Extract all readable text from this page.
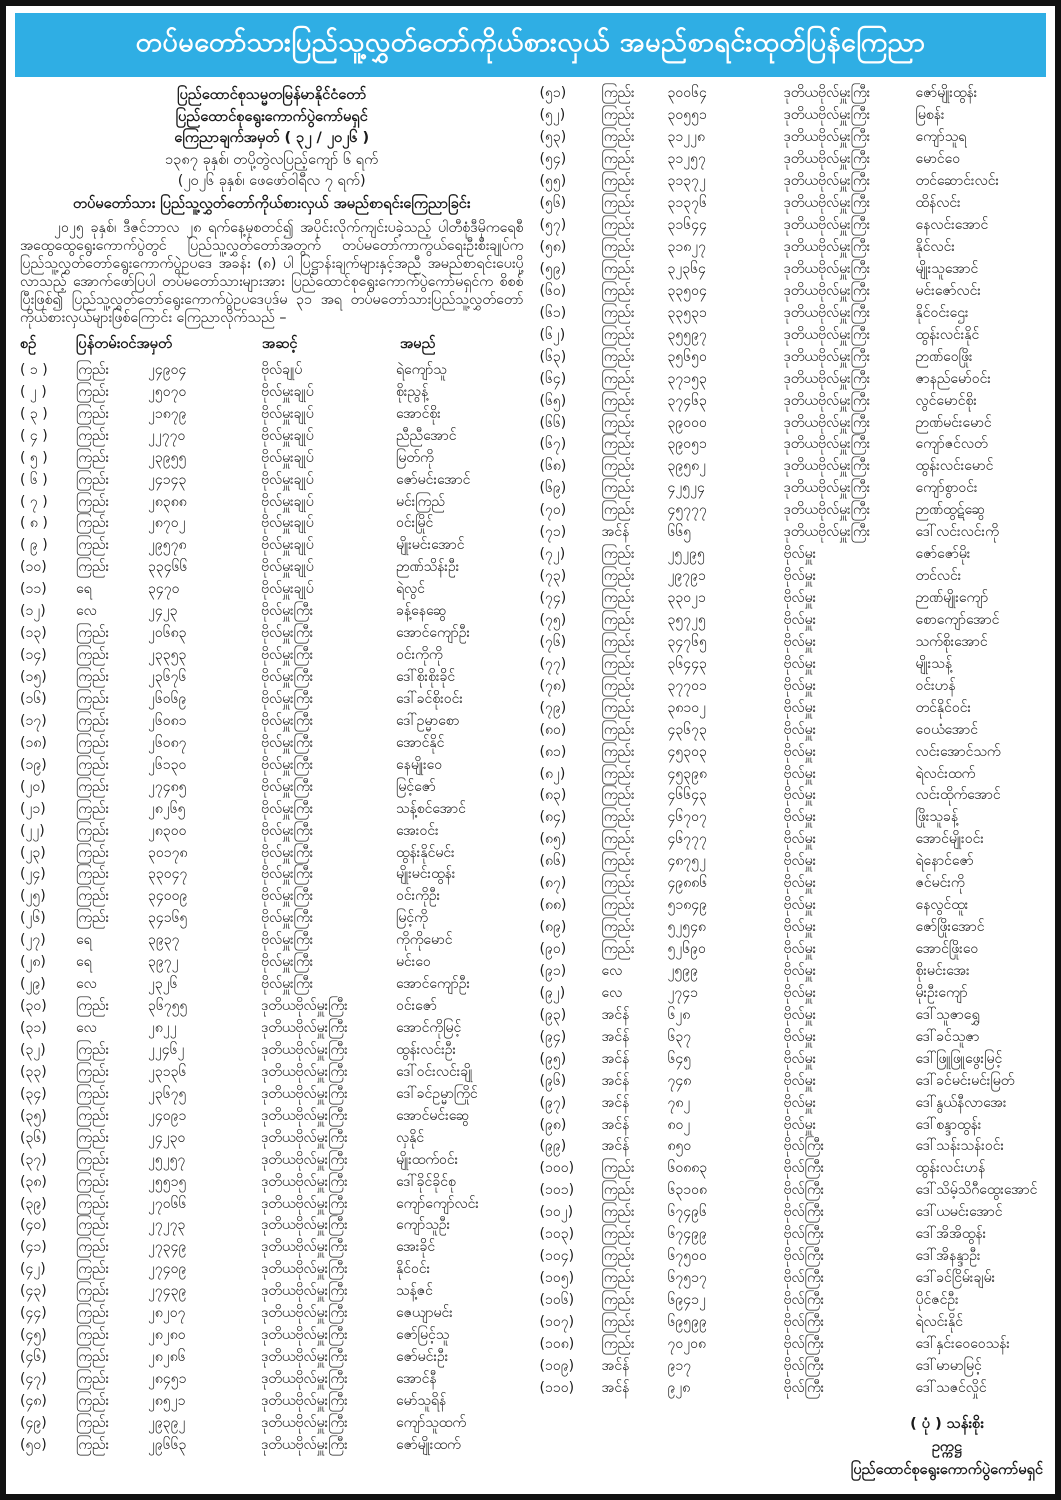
တပ်မတော်သားပြည်သူ့လွှတ်တော်ကိုယ်စားလှယ် အမည်စာရင်းထုတ်ပြန်ကြေညာ
ပြည်ထောင်စုသမ္မတမြန်မာနိုင်ငံတော်
ပြည်ထောင်စုရွေးကောက်ပွဲကော်မရှင်
ကြေညာချက်အမှတ် ( ၃၂ / ၂၀၂၆ )
၁၃၈၇ ခုနှစ်၊ တပို့တွဲလပြည့်ကျော် ၆ ရက်
(၂၀၂၆ ခုနှစ်၊ ဖေဖော်ဝါရီလ ၇ ရက်)
တပ်မတော်သား ပြည်သူ့လွှတ်တော်ကိုယ်စားလှယ် အမည်စာရင်းကြေညာခြင်း
၂၀၂၅ ခုနှစ်၊ ဒီဇင်ဘာလ ၂၈ ရက်နေ့မှစတင်၍ အပိုင်းလိုက်ကျင်းပခဲ့သည့် ပါတီစုံဒီမိုကရေစီ အထွေထွေရွေးကောက်ပွဲတွင် ပြည်သူ့လွှတ်တော်အတွက် တပ်မတော်ကာကွယ်ရေးဦးစီးချုပ်က ပြည်သူ့လွှတ်တော်ရွေးကောက်ပွဲဥပဒေ အခန်း (၈) ပါ ပြဋ္ဌာန်းချက်များနှင့်အညီ အမည်စာရင်းပေးပို့လာသည့် အောက်ဖော်ပြပါ တပ်မတော်သားများအား ပြည်ထောင်စုရွေးကောက်ပွဲကော်မရှင်က စိစစ်ပြီးဖြစ်၍ ပြည်သူ့လွှတ်တော်ရွေးကောက်ပွဲဥပဒေပုဒ်မ ၃၁ အရ တပ်မတော်သားပြည်သူ့လွှတ်တော်ကိုယ်စားလှယ်များဖြစ်ကြောင်း ကြေညာလိုက်သည် –
စဉ်	ပြန်တမ်းဝင်အမှတ်	အဆင့်	အမည်
( ၁ )	ကြည်း	၂၄၉၀၄	ဗိုလ်ချုပ်	ရဲကျော်သူ
( ၂ )	ကြည်း	၂၅၀၇၀	ဗိုလ်မှူးချုပ်	စိုးညွန့်
( ၃ )	ကြည်း	၂၁၈၇၉	ဗိုလ်မှူးချုပ်	အောင်စိုး
( ၄ )	ကြည်း	၂၂၇၇၀	ဗိုလ်မှူးချုပ်	ညီညီအောင်
( ၅ )	ကြည်း	၂၃၉၅၅	ဗိုလ်မှူးချုပ်	မြတ်ကို
( ၆ )	ကြည်း	၂၄၁၄၃	ဗိုလ်မှူးချုပ်	ဇော်မင်းအောင်
( ၇ )	ကြည်း	၂၈၃၈၈	ဗိုလ်မှူးချုပ်	မင်းကြည်
( ၈ )	ကြည်း	၂၈၇၀၂	ဗိုလ်မှူးချုပ်	ဝင်းမြိုင်
( ၉ )	ကြည်း	၂၉၅၇၈	ဗိုလ်မှူးချုပ်	မျိုးမင်းအောင်
(၁၀)	ကြည်း	၃၃၄၆၆	ဗိုလ်မှူးချုပ်	ဉာဏ်သိန်းဦး
(၁၁)	ရေ	၃၄၇၀	ဗိုလ်မှူးချုပ်	ရဲလွင်
(၁၂)	လေ	၂၄၂၃	ဗိုလ်မှူးကြီး	ခန့်နေဆွေ
(၁၃)	ကြည်း	၂၀၆၈၃	ဗိုလ်မှူးကြီး	အောင်ကျော်ဦး
(၁၄)	ကြည်း	၂၃၃၅၃	ဗိုလ်မှူးကြီး	ဝင်းကိုကို
(၁၅)	ကြည်း	၂၃၆၇၆	ဗိုလ်မှူးကြီး	ဒေါ်စိုးစိုးခိုင်
(၁၆)	ကြည်း	၂၆၀၆၉	ဗိုလ်မှူးကြီး	ဒေါ်ခင်စိုးဝင်း
(၁၇)	ကြည်း	၂၆၀၈၁	ဗိုလ်မှူးကြီး	ဒေါ်ဥမ္မာစော
(၁၈)	ကြည်း	၂၆၀၈၇	ဗိုလ်မှူးကြီး	အောင်နိုင်
(၁၉)	ကြည်း	၂၆၁၃၀	ဗိုလ်မှူးကြီး	နေမျိုးဝေ
(၂၀)	ကြည်း	၂၇၄၈၅	ဗိုလ်မှူးကြီး	မြင့်ဇော်
(၂၁)	ကြည်း	၂၈၂၆၅	ဗိုလ်မှူးကြီး	သန့်စင်အောင်
(၂၂)	ကြည်း	၂၈၃၀၀	ဗိုလ်မှူးကြီး	အေးဝင်း
(၂၃)	ကြည်း	၃၀၁၇၈	ဗိုလ်မှူးကြီး	ထွန်းနိုင်မင်း
(၂၄)	ကြည်း	၃၃၀၄၇	ဗိုလ်မှူးကြီး	မျိုးမင်းထွန်း
(၂၅)	ကြည်း	၃၄၀၀၉	ဗိုလ်မှူးကြီး	ဝင်းကိုဦး
(၂၆)	ကြည်း	၃၄၁၆၅	ဗိုလ်မှူးကြီး	မြင့်ကို
(၂၇)	ရေ	၃၉၃၇	ဗိုလ်မှူးကြီး	ကိုကိုမောင်
(၂၈)	ရေ	၃၉၇၂	ဗိုလ်မှူးကြီး	မင်းဝေ
(၂၉)	လေ	၂၃၂၆	ဗိုလ်မှူးကြီး	အောင်ကျော်ဦး
(၃၀)	ကြည်း	၃၆၇၅၅	ဒုတိယဗိုလ်မှူးကြီး	ဝင်းဇော်
(၃၁)	လေ	၂၈၂၂	ဒုတိယဗိုလ်မှူးကြီး	အောင်ကိုမြင့်
(၃၂)	ကြည်း	၂၂၄၆၂	ဒုတိယဗိုလ်မှူးကြီး	ထွန်းလင်းဦး
(၃၃)	ကြည်း	၂၃၁၃၆	ဒုတိယဗိုလ်မှူးကြီး	ဒေါ်ဝင်းလင်းချို
(၃၄)	ကြည်း	၂၃၆၇၅	ဒုတိယဗိုလ်မှူးကြီး	ဒေါ်ခင်ဥမ္မာကြိုင်
(၃၅)	ကြည်း	၂၄၀၉၁	ဒုတိယဗိုလ်မှူးကြီး	အောင်မင်းဆွေ
(၃၆)	ကြည်း	၂၄၂၃၀	ဒုတိယဗိုလ်မှူးကြီး	လှနိုင်
(၃၇)	ကြည်း	၂၅၂၅၇	ဒုတိယဗိုလ်မှူးကြီး	မျိုးထက်ဝင်း
(၃၈)	ကြည်း	၂၅၅၁၅	ဒုတိယဗိုလ်မှူးကြီး	ဒေါ်ခိုင်ခိုင်စု
(၃၉)	ကြည်း	၂၇၀၆၆	ဒုတိယဗိုလ်မှူးကြီး	ကျော်ကျော်လင်း
(၄၀)	ကြည်း	၂၇၂၇၃	ဒုတိယဗိုလ်မှူးကြီး	ကျော်သူဦး
(၄၁)	ကြည်း	၂၇၃၄၉	ဒုတိယဗိုလ်မှူးကြီး	အေးခိုင်
(၄၂)	ကြည်း	၂၇၄၀၉	ဒုတိယဗိုလ်မှူးကြီး	နိုင်ဝင်း
(၄၃)	ကြည်း	၂၇၄၃၉	ဒုတိယဗိုလ်မှူးကြီး	သန့်ဇင်
(၄၄)	ကြည်း	၂၈၂၀၇	ဒုတိယဗိုလ်မှူးကြီး	ဇေယျာမင်း
(၄၅)	ကြည်း	၂၈၂၈၀	ဒုတိယဗိုလ်မှူးကြီး	ဇော်မြင့်သူ
(၄၆)	ကြည်း	၂၈၂၈၆	ဒုတိယဗိုလ်မှူးကြီး	ဇော်မင်းဦး
(၄၇)	ကြည်း	၂၈၄၅၁	ဒုတိယဗိုလ်မှူးကြီး	အောင်နီ
(၄၈)	ကြည်း	၂၈၅၂၁	ဒုတိယဗိုလ်မှူးကြီး	မော်သူရိန်
(၄၉)	ကြည်း	၂၉၃၉၂	ဒုတိယဗိုလ်မှူးကြီး	ကျော်သူထက်
(၅၀)	ကြည်း	၂၉၆၆၃	ဒုတိယဗိုလ်မှူးကြီး	ဇော်မျိုးထက်
(၅၁)	ကြည်း	၃၀၀၆၄	ဒုတိယဗိုလ်မှူးကြီး	ဇော်မျိုးထွန်း
(၅၂)	ကြည်း	၃၀၅၅၁	ဒုတိယဗိုလ်မှူးကြီး	မြစန်း
(၅၃)	ကြည်း	၃၁၂၂၈	ဒုတိယဗိုလ်မှူးကြီး	ကျော်သူရ
(၅၄)	ကြည်း	၃၁၂၅၇	ဒုတိယဗိုလ်မှူးကြီး	မောင်ဝေ
(၅၅)	ကြည်း	၃၁၃၇၂	ဒုတိယဗိုလ်မှူးကြီး	တင်ဆောင်းလင်း
(၅၆)	ကြည်း	၃၁၃၇၆	ဒုတိယဗိုလ်မှူးကြီး	ထိန်လင်း
(၅၇)	ကြည်း	၃၁၆၄၄	ဒုတိယဗိုလ်မှူးကြီး	နေလင်းအောင်
(၅၈)	ကြည်း	၃၁၈၂၇	ဒုတိယဗိုလ်မှူးကြီး	နိုင်လင်း
(၅၉)	ကြည်း	၃၂၃၆၄	ဒုတိယဗိုလ်မှူးကြီး	မျိုးသူအောင်
(၆၀)	ကြည်း	၃၃၅၀၄	ဒုတိယဗိုလ်မှူးကြီး	မင်းဇော်လင်း
(၆၁)	ကြည်း	၃၃၅၃၁	ဒုတိယဗိုလ်မှူးကြီး	နိုင်ဝင်းဌေး
(၆၂)	ကြည်း	၃၅၅၉၇	ဒုတိယဗိုလ်မှူးကြီး	ထွန်းလင်းနိုင်
(၆၃)	ကြည်း	၃၅၆၅၀	ဒုတိယဗိုလ်မှူးကြီး	ဉာဏ်ဝေဖြိုး
(၆၄)	ကြည်း	၃၇၁၅၃	ဒုတိယဗိုလ်မှူးကြီး	ဇာနည်မော်ဝင်း
(၆၅)	ကြည်း	၃၇၄၆၃	ဒုတိယဗိုလ်မှူးကြီး	လွင်မောင်စိုး
(၆၆)	ကြည်း	၃၉၀၀၀	ဒုတိယဗိုလ်မှူးကြီး	ဉာဏ်မင်းမောင်
(၆၇)	ကြည်း	၃၉၀၅၁	ဒုတိယဗိုလ်မှူးကြီး	ကျော်ဇင်လတ်
(၆၈)	ကြည်း	၃၉၅၈၂	ဒုတိယဗိုလ်မှူးကြီး	ထွန်းလင်းမောင်
(၆၉)	ကြည်း	၄၂၅၂၄	ဒုတိယဗိုလ်မှူးကြီး	ကျော်စွာဝင်း
(၇၀)	ကြည်း	၄၅၇၇၇	ဒုတိယဗိုလ်မှူးကြီး	ဉာဏ်ထွဋ်ဆွေ
(၇၁)	အင်န်	၆၆၅	ဒုတိယဗိုလ်မှူးကြီး	ဒေါ်လင်းလင်းကို
(၇၂)	ကြည်း	၂၅၂၉၅	ဗိုလ်မှူး	ဇော်ဇော်မိုး
(၇၃)	ကြည်း	၂၉၇၉၁	ဗိုလ်မှူး	တင်လင်း
(၇၄)	ကြည်း	၃၃၀၂၁	ဗိုလ်မှူး	ဉာဏ်မျိုးကျော်
(၇၅)	ကြည်း	၃၅၇၂၅	ဗိုလ်မှူး	စောကျော်အောင်
(၇၆)	ကြည်း	၃၄၇၆၅	ဗိုလ်မှူး	သက်စိုးအောင်
(၇၇)	ကြည်း	၃၆၄၄၃	ဗိုလ်မှူး	မျိုးသန့်
(၇၈)	ကြည်း	၃၇၇၀၁	ဗိုလ်မှူး	ဝင်းဟန်
(၇၉)	ကြည်း	၃၈၁၀၂	ဗိုလ်မှူး	တင်နိုင်ဝင်း
(၈၀)	ကြည်း	၄၃၆၇၃	ဗိုလ်မှူး	ဝေယံအောင်
(၈၁)	ကြည်း	၄၅၃၀၃	ဗိုလ်မှူး	လင်းအောင်သက်
(၈၂)	ကြည်း	၄၅၃၉၈	ဗိုလ်မှူး	ရဲလင်းထက်
(၈၃)	ကြည်း	၄၆၆၄၃	ဗိုလ်မှူး	လင်းထိုက်အောင်
(၈၄)	ကြည်း	၄၆၇၀၇	ဗိုလ်မှူး	ဖြိုးသူခန့်
(၈၅)	ကြည်း	၄၆၇၇၇	ဗိုလ်မှူး	အောင်မျိုးဝင်း
(၈၆)	ကြည်း	၄၈၇၅၂	ဗိုလ်မှူး	ရဲနောင်ဇော်
(၈၇)	ကြည်း	၄၉၈၈၆	ဗိုလ်မှူး	ဇင်မင်းကို
(၈၈)	ကြည်း	၅၁၈၄၉	ဗိုလ်မှူး	နေလွင်ထူး
(၈၉)	ကြည်း	၅၂၅၄၈	ဗိုလ်မှူး	ဇော်ဖြိုးအောင်
(၉၀)	ကြည်း	၅၂၆၉၀	ဗိုလ်မှူး	အောင်ဖြိုးဝေ
(၉၁)	လေ	၂၅၉၉	ဗိုလ်မှူး	စိုးမင်းအေး
(၉၂)	လေ	၂၇၄၁	ဗိုလ်မှူး	မိုးဦးကျော်
(၉၃)	အင်န်	၆၂၈	ဗိုလ်မှူး	ဒေါ်သူဇာရွှေ
(၉၄)	အင်န်	၆၃၇	ဗိုလ်မှူး	ဒေါ်ခင်သူဇာ
(၉၅)	အင်န်	၆၄၅	ဗိုလ်မှူး	ဒေါ်ဖြူဖြူဖွေးမြင့်
(၉၆)	အင်န်	၇၄၈	ဗိုလ်မှူး	ဒေါ်ခင်မင်းမင်းမြတ်
(၉၇)	အင်န်	၇၈၂	ဗိုလ်မှူး	ဒေါ်နွယ်နီလာအေး
(၉၈)	အင်န်	၈၀၂	ဗိုလ်မှူး	ဒေါ်စန္ဒာထွန်း
(၉၉)	အင်န်	၈၅၀	ဗိုလ်ကြီး	ဒေါ်သန်းသန်းဝင်း
(၁၀၀)	ကြည်း	၆၀၈၈၃	ဗိုလ်ကြီး	ထွန်းလင်းဟန်
(၁၀၁)	ကြည်း	၆၃၁၀၈	ဗိုလ်ကြီး	ဒေါ်သိမ့်သိဂီထွေးအောင်
(၁၀၂)	ကြည်း	၆၇၄၉၆	ဗိုလ်ကြီး	ဒေါ်ယမင်းအောင်
(၁၀၃)	ကြည်း	၆၇၄၉၉	ဗိုလ်ကြီး	ဒေါ်အိအိထွန်း
(၁၀၄)	ကြည်း	၆၇၅၀၀	ဗိုလ်ကြီး	ဒေါ်အိနန္ဒာဦး
(၁၀၅)	ကြည်း	၆၇၅၁၇	ဗိုလ်ကြီး	ဒေါ်ခင်ငြိမ်းချမ်း
(၁၀၆)	ကြည်း	၆၉၄၁၂	ဗိုလ်ကြီး	ပိုင်ဇင်ဦး
(၁၀၇)	ကြည်း	၆၉၅၉၉	ဗိုလ်ကြီး	ရဲလင်းနိုင်
(၁၀၈)	ကြည်း	၇၀၂၀၈	ဗိုလ်ကြီး	ဒေါ်နှင်းဝေဝေသန်း
(၁၀၉)	အင်န်	၉၁၇	ဗိုလ်ကြီး	ဒေါ်မာမာမြင့်
(၁၁၀)	အင်န်	၉၂၈	ဗိုလ်ကြီး	ဒေါ်သဇင်လှိုင်
( ပုံ ) သန်းစိုး
ဥက္ကဋ္ဌ
ပြည်ထောင်စုရွေးကောက်ပွဲကော်မရှင်
